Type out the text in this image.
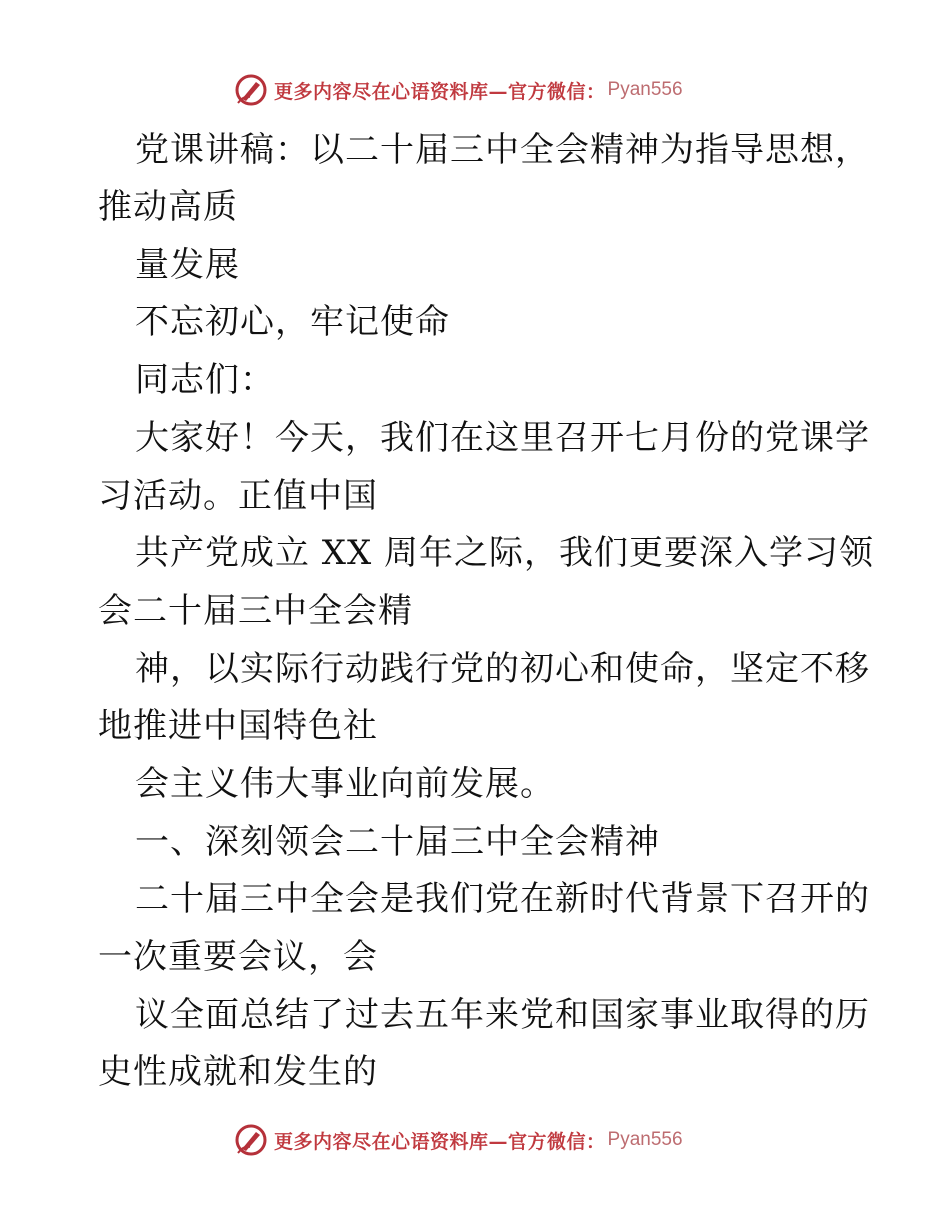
更多内容尽在心语资料库—官方微信： Pyan556
党课讲稿：以二十届三中全会精神为指导思想，
推动高质
量发展
不忘初心，牢记使命
同志们：
大家好！今天，我们在这里召开七月份的党课学
习活动。正值中国
共产党成立 XX 周年之际，我们更要深入学习领
会二十届三中全会精
神，以实际行动践行党的初心和使命，坚定不移
地推进中国特色社
会主义伟大事业向前发展。
一、深刻领会二十届三中全会精神
二十届三中全会是我们党在新时代背景下召开的
一次重要会议，会
议全面总结了过去五年来党和国家事业取得的历
史性成就和发生的
更多内容尽在心语资料库—官方微信： Pyan556
